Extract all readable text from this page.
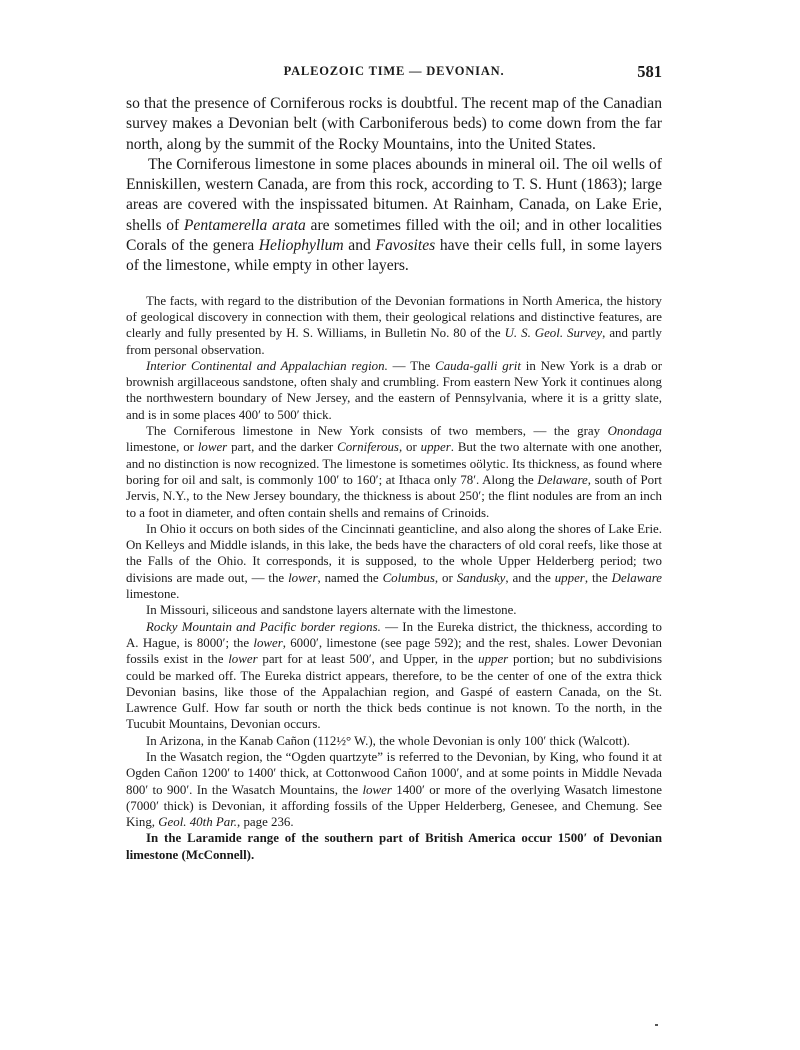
PALEOZOIC TIME — DEVONIAN.	581

so that the presence of Corniferous rocks is doubtful. The recent map of the Canadian survey makes a Devonian belt (with Carboniferous beds) to come down from the far north, along by the summit of the Rocky Mountains, into the United States.

The Corniferous limestone in some places abounds in mineral oil. The oil wells of Enniskillen, western Canada, are from this rock, according to T. S. Hunt (1863); large areas are covered with the inspissated bitumen. At Rainham, Canada, on Lake Erie, shells of Pentamerella arata are sometimes filled with the oil; and in other localities Corals of the genera Heliophyllum and Favosites have their cells full, in some layers of the limestone, while empty in other layers.

The facts, with regard to the distribution of the Devonian formations in North America, the history of geological discovery in connection with them, their geological relations and distinctive features, are clearly and fully presented by H. S. Williams, in Bulletin No. 80 of the U. S. Geol. Survey, and partly from personal observation.

Interior Continental and Appalachian region. — The Cauda-galli grit in New York is a drab or brownish argillaceous sandstone, often shaly and crumbling. From eastern New York it continues along the northwestern boundary of New Jersey, and the eastern of Pennsylvania, where it is a gritty slate, and is in some places 400′ to 500′ thick.

The Corniferous limestone in New York consists of two members, — the gray Onondaga limestone, or lower part, and the darker Corniferous, or upper. But the two alternate with one another, and no distinction is now recognized. The limestone is sometimes oölytic. Its thickness, as found where boring for oil and salt, is commonly 100′ to 160′; at Ithaca only 78′. Along the Delaware, south of Port Jervis, N.Y., to the New Jersey boundary, the thickness is about 250′; the flint nodules are from an inch to a foot in diameter, and often contain shells and remains of Crinoids.

In Ohio it occurs on both sides of the Cincinnati geanticline, and also along the shores of Lake Erie. On Kelleys and Middle islands, in this lake, the beds have the characters of old coral reefs, like those at the Falls of the Ohio. It corresponds, it is supposed, to the whole Upper Helderberg period; two divisions are made out, — the lower, named the Columbus, or Sandusky, and the upper, the Delaware limestone.

In Missouri, siliceous and sandstone layers alternate with the limestone.

Rocky Mountain and Pacific border regions. — In the Eureka district, the thickness, according to A. Hague, is 8000′; the lower, 6000′, limestone (see page 592); and the rest, shales. Lower Devonian fossils exist in the lower part for at least 500′, and Upper, in the upper portion; but no subdivisions could be marked off. The Eureka district appears, therefore, to be the center of one of the extra thick Devonian basins, like those of the Appalachian region, and Gaspé of eastern Canada, on the St. Lawrence Gulf. How far south or north the thick beds continue is not known. To the north, in the Tucubit Mountains, Devonian occurs.

In Arizona, in the Kanab Cañon (112½° W.), the whole Devonian is only 100′ thick (Walcott).

In the Wasatch region, the “Ogden quartzyte” is referred to the Devonian, by King, who found it at Ogden Cañon 1200′ to 1400′ thick, at Cottonwood Cañon 1000′, and at some points in Middle Nevada 800′ to 900′. In the Wasatch Mountains, the lower 1400′ or more of the overlying Wasatch limestone (7000′ thick) is Devonian, it affording fossils of the Upper Helderberg, Genesee, and Chemung. See King, Geol. 40th Par., page 236.

In the Laramide range of the southern part of British America occur 1500′ of Devonian limestone (McConnell).
